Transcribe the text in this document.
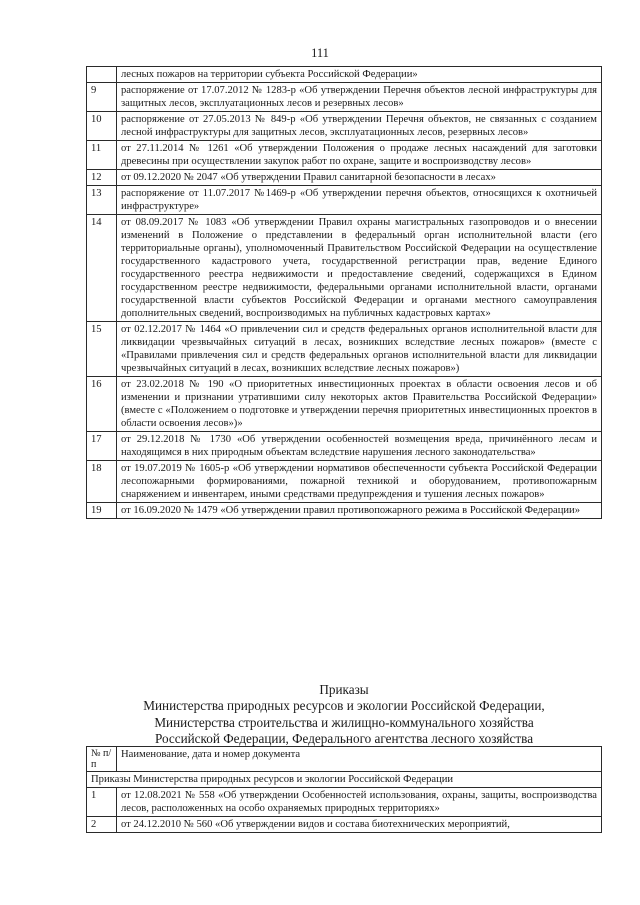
111
	лесных пожаров на территории субъекта Российской Федерации»
9	распоряжение от 17.07.2012 № 1283-р «Об утверждении Перечня объектов лесной инфраструктуры для защитных лесов, эксплуатационных лесов и резервных лесов»
10	распоряжение от 27.05.2013 № 849-р «Об утверждении Перечня объектов, не связанных с созданием лесной инфраструктуры для защитных лесов, эксплуатационных лесов, резервных лесов»
11	от 27.11.2014 № 1261 «Об утверждении Положения о продаже лесных насаждений для заготовки древесины при осуществлении закупок работ по охране, защите и воспроизводству лесов»
12	от 09.12.2020 № 2047 «Об утверждении Правил санитарной безопасности в лесах»
13	распоряжение от 11.07.2017 №1469-р «Об утверждении перечня объектов, относящихся к охотничьей инфраструктуре»
14	от 08.09.2017 № 1083 «Об утверждении Правил охраны магистральных газопроводов и о внесении изменений в Положение о представлении в федеральный орган исполнительной власти (его территориальные органы), уполномоченный Правительством Российской Федерации на осуществление государственного кадастрового учета, государственной регистрации прав, ведение Единого государственного реестра недвижимости и предоставление сведений, содержащихся в Едином государственном реестре недвижимости, федеральными органами исполнительной власти, органами государственной власти субъектов Российской Федерации и органами местного самоуправления дополнительных сведений, воспроизводимых на публичных кадастровых картах»
15	от 02.12.2017 № 1464 «О привлечении сил и средств федеральных органов исполнительной власти для ликвидации чрезвычайных ситуаций в лесах, возникших вследствие лесных пожаров» (вместе с «Правилами привлечения сил и средств федеральных органов исполнительной власти для ликвидации чрезвычайных ситуаций в лесах, возникших вследствие лесных пожаров»)
16	от 23.02.2018 № 190 «О приоритетных инвестиционных проектах в области освоения лесов и об изменении и признании утратившими силу некоторых актов Правительства Российской Федерации» (вместе с «Положением о подготовке и утверждении перечня приоритетных инвестиционных проектов в области освоения лесов»)»
17	от 29.12.2018 № 1730 «Об утверждении особенностей возмещения вреда, причинённого лесам и находящимся в них природным объектам вследствие нарушения лесного законодательства»
18	от 19.07.2019 № 1605-р «Об утверждении нормативов обеспеченности субъекта Российской Федерации лесопожарными формированиями, пожарной техникой и оборудованием, противопожарным снаряжением и инвентарем, иными средствами предупреждения и тушения лесных пожаров»
19	от 16.09.2020 № 1479 «Об утверждении правил противопожарного режима в Российской Федерации»
Приказы
Министерства природных ресурсов и экологии Российской Федерации,
Министерства строительства и жилищно-коммунального хозяйства
Российской Федерации, Федерального агентства лесного хозяйства
№ п/п	Наименование, дата и номер документа
Приказы Министерства природных ресурсов и экологии Российской Федерации	
1	от 12.08.2021 № 558 «Об утверждении Особенностей использования, охраны, защиты, воспроизводства лесов, расположенных на особо охраняемых природных территориях»
2	от 24.12.2010 № 560 «Об утверждении видов и состава биотехнических мероприятий,
